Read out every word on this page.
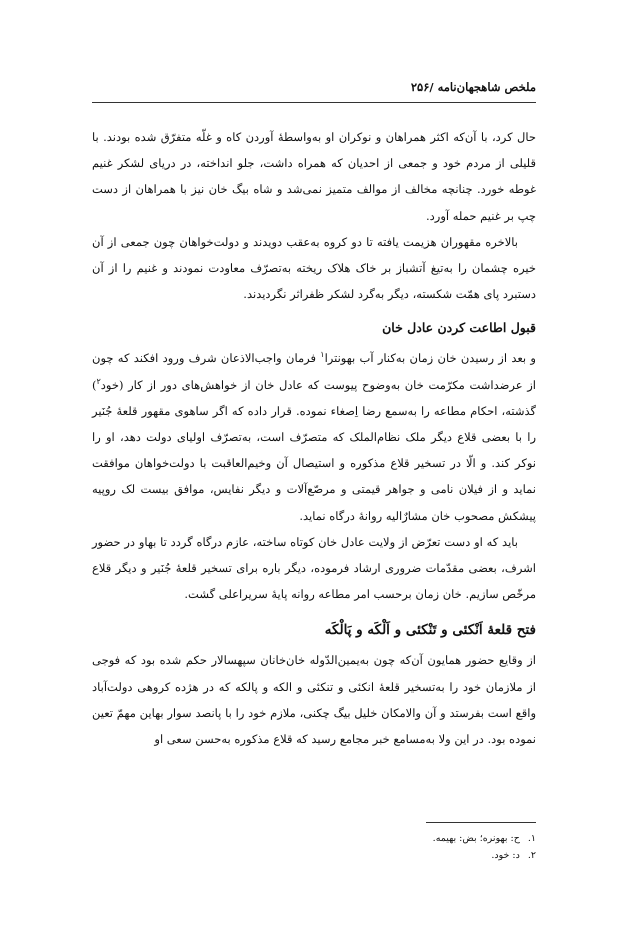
ملخص شاهجهان‌نامه /۲۵۶

حال کرد، با آن‌که اکثر همراهان و نوکران او به‌واسطهٔ آوردن کاه و غلّه متفرّق شده بودند. با قلیلی از مردم خود و جمعی از احدیان که همراه داشت، جلو انداخته، در دریای لشکر غنیم غوطه خورد. چنانچه مخالف از موالف متمیز نمی‌شد و شاه بیگ خان نیز با همراهان از دست چپ بر غنیم حمله آورد.

بالاخره مقهوران هزیمت یافته تا دو کروه به‌عقب دویدند و دولت‌خواهان چون جمعی از آن خیره چشمان را به‌تیغ آتشباز بر خاک هلاک ریخته به‌تصرّف معاودت نمودند و غنیم را از آن دستبرد پای همّت شکسته، دیگر به‌گرد لشکر ظفراثر نگردیدند.

قبول اطاعت کردن عادل خان

و بعد از رسیدن خان زمان به‌کنار آب بهونترا$^۱$ فرمان واجب‌الاذعان شرف ورود افکند که چون از عرضداشت مکرّمت خان به‌وضوح پیوست که عادل خان از خواهش‌های دور از کار (خود$^۲$) گذشته، احکام مطاعه را به‌سمع رضا اِصغاء نموده. قرار داده که اگر ساهوی مقهور قلعهٔ جُنَیر را با بعضی قلاع دیگر ملک نظام‌الملک که متصرّف است، به‌تصرّف اولیای دولت دهد، او را نوکر کند. و الّا در تسخیر قلاع مذکوره و استیصال آن وخیم‌العاقبت با دولت‌خواهان موافقت نماید و از فیلان نامی و جواهر قیمتی و مرصّع‌آلات و دیگر نفایس، موافق بیست لک روپیه پیشکش مصحوب خان مشارٌالیه روانهٔ درگاه نماید.

باید که او دست تعرّض از ولایت عادل خان کوتاه ساخته، عازم درگاه گردد تا بهاو در حضور اشرف، بعضی مقدّمات ضروری ارشاد فرموده، دیگر باره برای تسخیر قلعهٔ جُنَیر و دیگر قلاع مرخّص سازیم. خان زمان برحسب امر مطاعه روانه پایهٔ سریراعلی گشت.

فتح قلعهٔ اَنْکئی و تَنْکئی و اَلْکَه و پَالْکَه

از وقایع حضور همایون آن‌که چون به‌یمین‌الدّوله خان‌خانان سپهسالار حکم شده بود که فوجی از ملازمان خود را به‌تسخیر قلعهٔ انکئی و تنکئی و الکه و پالکه که در هژده کروهی دولت‌آباد واقع است بفرستد و آن والامکان خلیل بیگ چکنی، ملازم خود را با پانصد سوار بهاین مهمّ تعین نموده بود. در این ولا به‌مسامع خبر مجامع رسید که قلاع مذکوره به‌حسن سعی او

۱.ح: بهونره؛ بض: بهیمه.

۲.د: خود.
